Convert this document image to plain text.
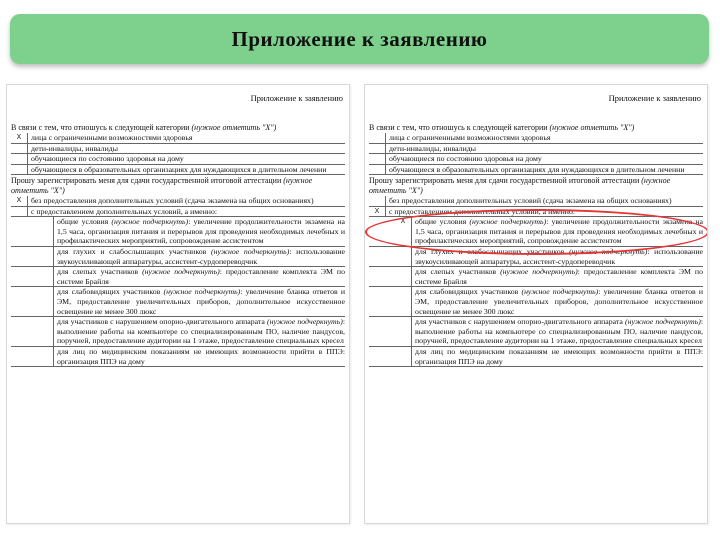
Приложение к заявлению
Приложение к заявлению
В связи с тем, что отношусь к следующей категории (нужное отметить "Х")
Х	лица с ограниченными возможностями здоровья
дети-инвалиды, инвалиды
обучающиеся по состоянию здоровья на дому
обучающиеся в образовательных организациях для нуждающихся в длительном лечении
Прошу зарегистрировать меня для сдачи государственной итоговой аттестации (нужное отметить "Х")
Х	без предоставления дополнительных условий (сдача экзамена на общих основаниях)
с предоставлением дополнительных условий, а именно:
общие условия (нужное подчеркнуть): увеличение продолжительности экзамена на 1,5 часа, организация питания и перерывов для проведения необходимых лечебных и профилактических мероприятий, сопровождение ассистентом
для глухих и слабослышащих участников (нужное подчеркнуть): использование звукоусиливающей аппаратуры, ассистент-сурдопереводчик
для слепых участников (нужное подчеркнуть): предоставление комплекта ЭМ по системе Брайля
для слабовидящих участников (нужное подчеркнуть): увеличение бланка ответов и ЭМ, предоставление увеличительных приборов, дополнительное искусственное освещение не менее 300 люкс
для участников с нарушением опорно-двигательного аппарата (нужное подчеркнуть): выполнение работы на компьютере со специализированным ПО, наличие пандусов, поручней, предоставление аудитории на 1 этаже, предоставление специальных кресел
для лиц по медицинским показаниям не имеющих возможности прийти в ППЭ: организация ППЭ на дому
Приложение к заявлению
В связи с тем, что отношусь к следующей категории (нужное отметить "Х")
лица с ограниченными возможностями здоровья
дети-инвалиды, инвалиды
обучающиеся по состоянию здоровья на дому
обучающиеся в образовательных организациях для нуждающихся в длительном лечении
Прошу зарегистрировать меня для сдачи государственной итоговой аттестации (нужное отметить "Х")
без предоставления дополнительных условий (сдача экзамена на общих основаниях)
Х	с предоставлением дополнительных условий, а именно:
Х	общие условия (нужное подчеркнуть): увеличение продолжительности экзамена на 1,5 часа, организация питания и перерывов для проведения необходимых лечебных и профилактических мероприятий, сопровождение ассистентом
для глухих и слабослышащих участников (нужное подчеркнуть): использование звукоусиливающей аппаратуры, ассистент-сурдопереводчик
для слепых участников (нужное подчеркнуть): предоставление комплекта ЭМ по системе Брайля
для слабовидящих участников (нужное подчеркнуть): увеличение бланка ответов и ЭМ, предоставление увеличительных приборов, дополнительное искусственное освещение не менее 300 люкс
для участников с нарушением опорно-двигательного аппарата (нужное подчеркнуть): выполнение работы на компьютере со специализированным ПО, наличие пандусов, поручней, предоставление аудитории на 1 этаже, предоставление специальных кресел
для лиц по медицинским показаниям не имеющих возможности прийти в ППЭ: организация ППЭ на дому
